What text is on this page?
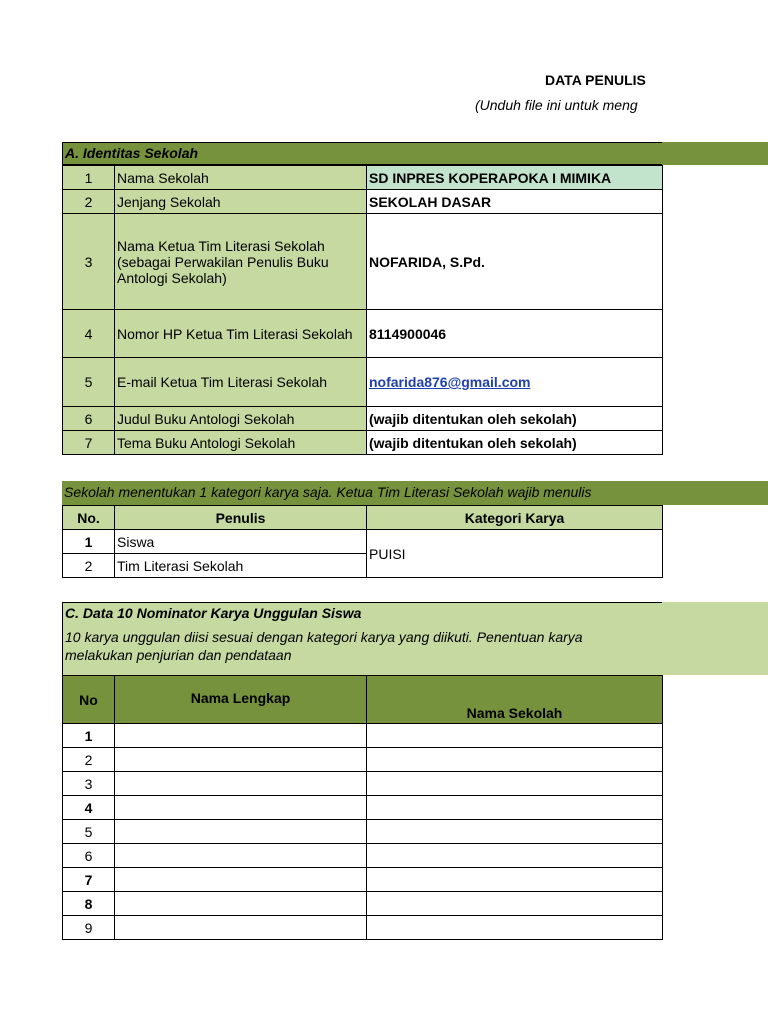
DATA PENULIS
(Unduh file ini untuk meng
A. Identitas Sekolah
1	Nama Sekolah	SD INPRES KOPERAPOKA I MIMIKA
2	Jenjang Sekolah	SEKOLAH DASAR
3	Nama Ketua Tim Literasi Sekolah (sebagai Perwakilan Penulis Buku Antologi Sekolah)	NOFARIDA, S.Pd.
4	Nomor HP Ketua Tim Literasi Sekolah	8114900046
5	E-mail Ketua Tim Literasi Sekolah	nofarida876@gmail.com
6	Judul Buku Antologi Sekolah	(wajib ditentukan oleh sekolah)
7	Tema Buku Antologi Sekolah	(wajib ditentukan oleh sekolah)
Sekolah menentukan 1 kategori karya saja. Ketua Tim Literasi Sekolah wajib menulis
No.	Penulis	Kategori Karya
1	Siswa	PUISI
2	Tim Literasi Sekolah	
C. Data 10 Nominator Karya Unggulan Siswa
10 karya unggulan diisi sesuai dengan kategori karya yang diikuti. Penentuan karya
melakukan penjurian dan pendataan
No	Nama Lengkap	Nama Sekolah
1		
2		
3		
4		
5		
6		
7		
8		
9		
